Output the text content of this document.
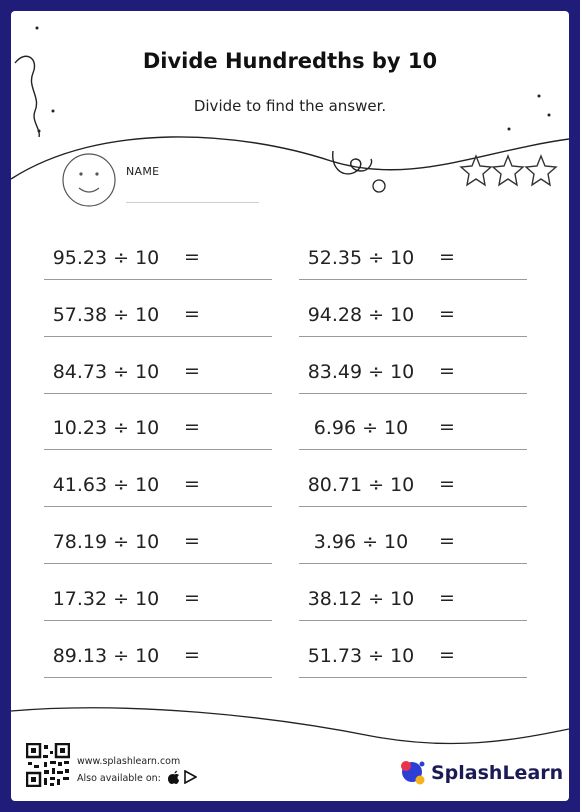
Divide Hundredths by 10
Divide to find the answer.
NAME
95.23 ÷ 10	=	52.35 ÷ 10	=
57.38 ÷ 10	=	94.28 ÷ 10	=
84.73 ÷ 10	=	83.49 ÷ 10	=
10.23 ÷ 10	=	6.96 ÷ 10	=
41.63 ÷ 10	=	80.71 ÷ 10	=
78.19 ÷ 10	=	3.96 ÷ 10	=
17.32 ÷ 10	=	38.12 ÷ 10	=
89.13 ÷ 10	=	51.73 ÷ 10	=
www.splashlearn.com
Also available on:	SplashLearn
